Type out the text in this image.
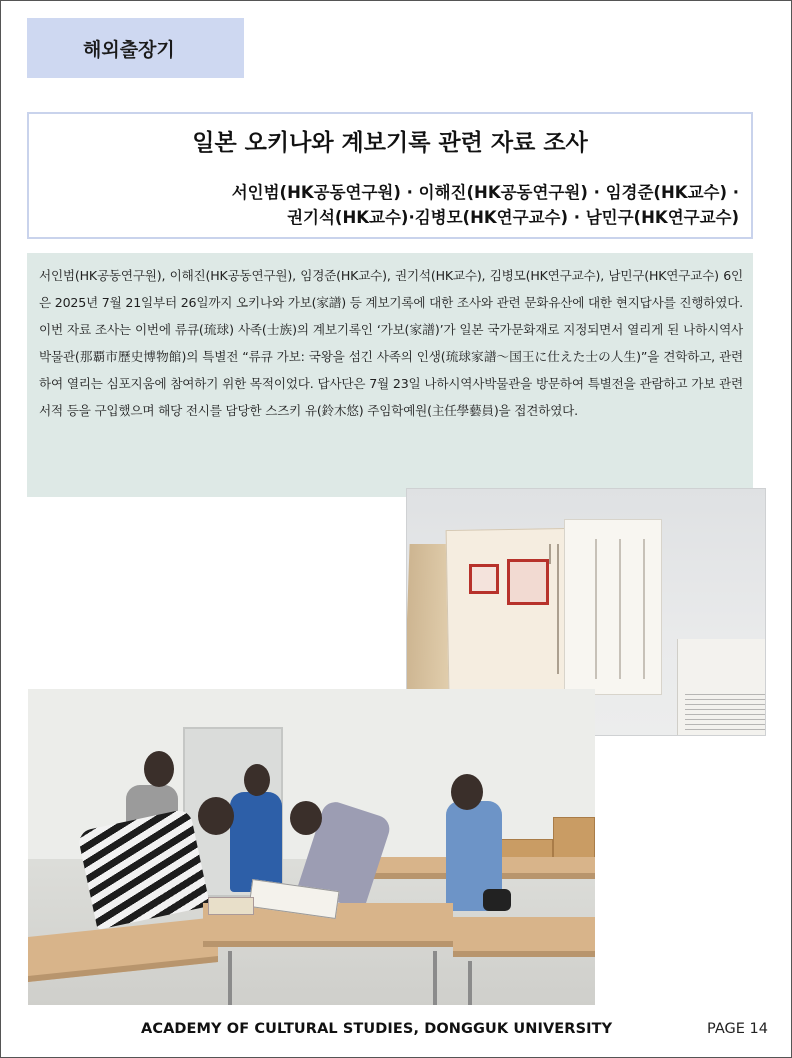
해외출장기
일본 오키나와 계보기록 관련 자료 조사
서인범(HK공동연구원) · 이해진(HK공동연구원) · 임경준(HK교수) ·
권기석(HK교수)·김병모(HK연구교수) · 남민구(HK연구교수)

서인범(HK공동연구원), 이해진(HK공동연구원), 임경준(HK교수), 권기석(HK교수), 김병모(HK연구교수), 남민구(HK연구교수) 6인은 2025년 7월 21일부터 26일까지 오키나와 가보(家譜) 등 계보기록에 대한 조사와 관련 문화유산에 대한 현지답사를 진행하였다. 이번 자료 조사는 이번에 류큐(琉球) 사족(士族)의 계보기록인 ‘가보(家譜)’가 일본 국가문화재로 지정되면서 열리게 된 나하시역사박물관(那覇市歷史博物館)의 특별전 “류큐 가보: 국왕을 섬긴 사족의 인생(琉球家譜～国王に仕えた士の人生)”을 견학하고, 관련하여 열리는 심포지움에 참여하기 위한 목적이었다. 답사단은 7월 23일 나하시역사박물관을 방문하여 특별전을 관람하고 가보 관련 서적 등을 구입했으며 해당 전시를 담당한 스즈키 유(鈴木悠) 주임학예원(主任學藝員)을 접견하였다.

ACADEMY OF CULTURAL STUDIES, DONGGUK UNIVERSITY	PAGE 14
